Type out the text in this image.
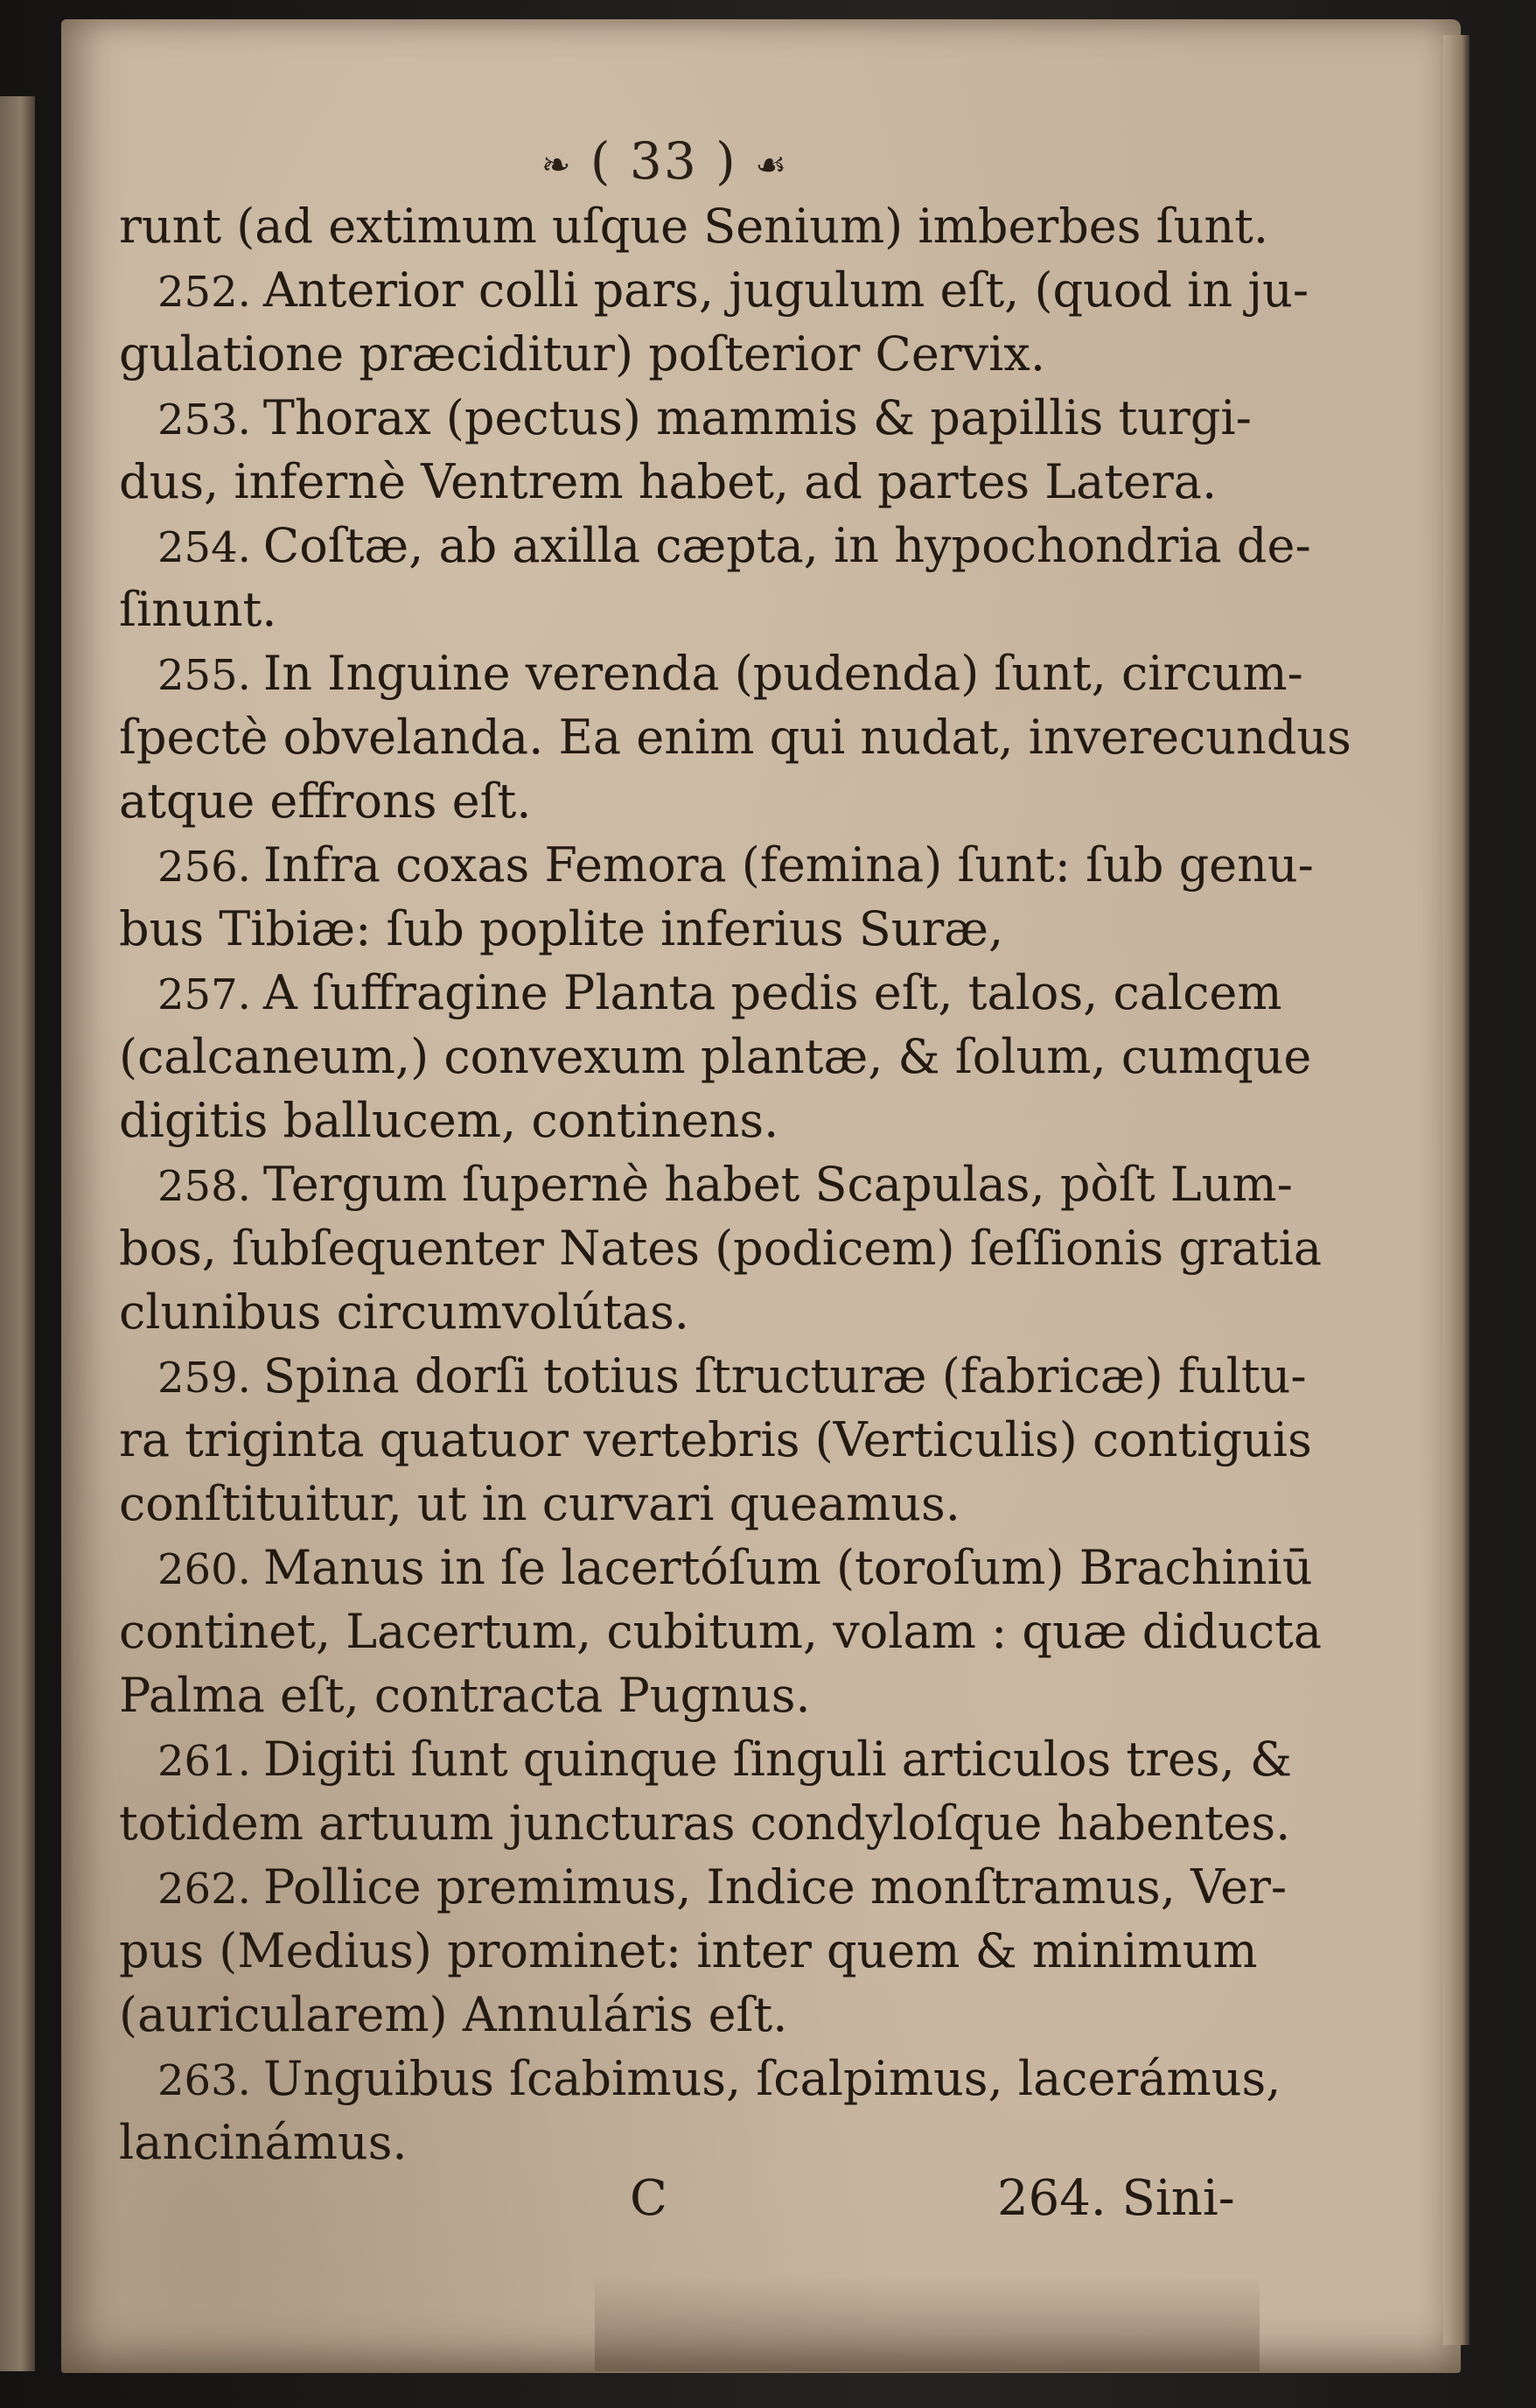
❧ ( 33 ) ☙
runt (ad extimum uſque Senium) imberbes ſunt.
252. Anterior colli pars, jugulum eſt, (quod in ju-
gulatione præciditur) poſterior Cervix.
253. Thorax (pectus) mammis & papillis turgi-
dus, infernè Ventrem habet, ad partes Latera.
254. Coſtæ, ab axilla cæpta, in hypochondria de-
ſinunt.
255. In Inguine verenda (pudenda) ſunt, circum-
ſpectè obvelanda. Ea enim qui nudat, inverecundus
atque effrons eſt.
256. Infra coxas Femora (femina) ſunt: ſub genu-
bus Tibiæ: ſub poplite inferius Suræ,
257. A ſuffragine Planta pedis eſt, talos, calcem
(calcaneum,) convexum plantæ, & ſolum, cumque
digitis ballucem, continens.
258. Tergum ſupernè habet Scapulas, pòſt Lum-
bos, ſubſequenter Nates (podicem) ſeſſionis gratia
clunibus circumvolútas.
259. Spina dorſi totius ſtructuræ (fabricæ) fultu-
ra triginta quatuor vertebris (Verticulis) contiguis
conſtituitur, ut in curvari queamus.
260. Manus in ſe lacertóſum (toroſum) Brachiniū
continet, Lacertum, cubitum, volam : quæ diducta
Palma eſt, contracta Pugnus.
261. Digiti ſunt quinque ſinguli articulos tres, &
totidem artuum juncturas condyloſque habentes.
262. Pollice premimus, Indice monſtramus, Ver-
pus (Medius) prominet: inter quem & minimum
(auricularem) Annuláris eſt.
263. Unguibus ſcabimus, ſcalpimus, lacerámus,
lancinámus.
C	264. Sini-
